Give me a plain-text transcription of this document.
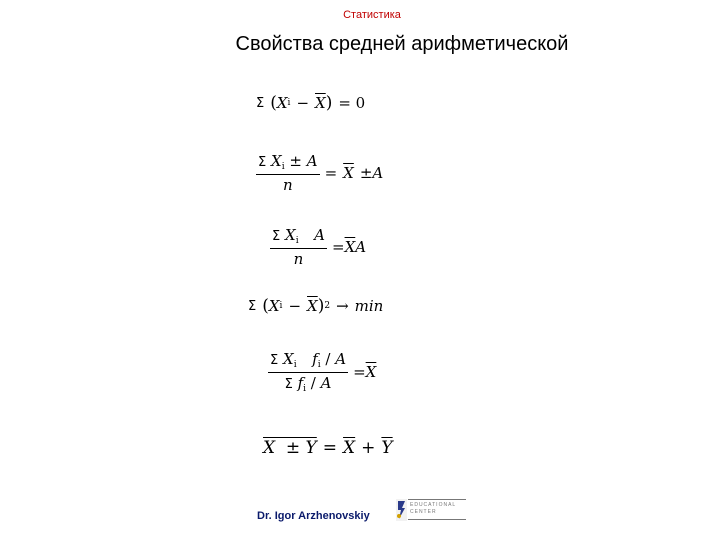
Статистика
Свойства средней арифметической
Σ ( X $i - \overline{X}$ ) = 0
$\frac{\Sigma X_i \pm A}{n} = \overline{X} \pm A$
$\frac{\Sigma X_i A}{n} = \overline{X}$ A
Σ ( X $i - \overline{X}$ ) 2 → min
$\frac{\Sigma X_i f_i / A}{\Sigma f_i / A} = \overline{X}$
$X \pm Y = \overline{X} + \overline{Y}$
Dr. Igor Arzhenovskiy
EDUCATIONAL CENTER
